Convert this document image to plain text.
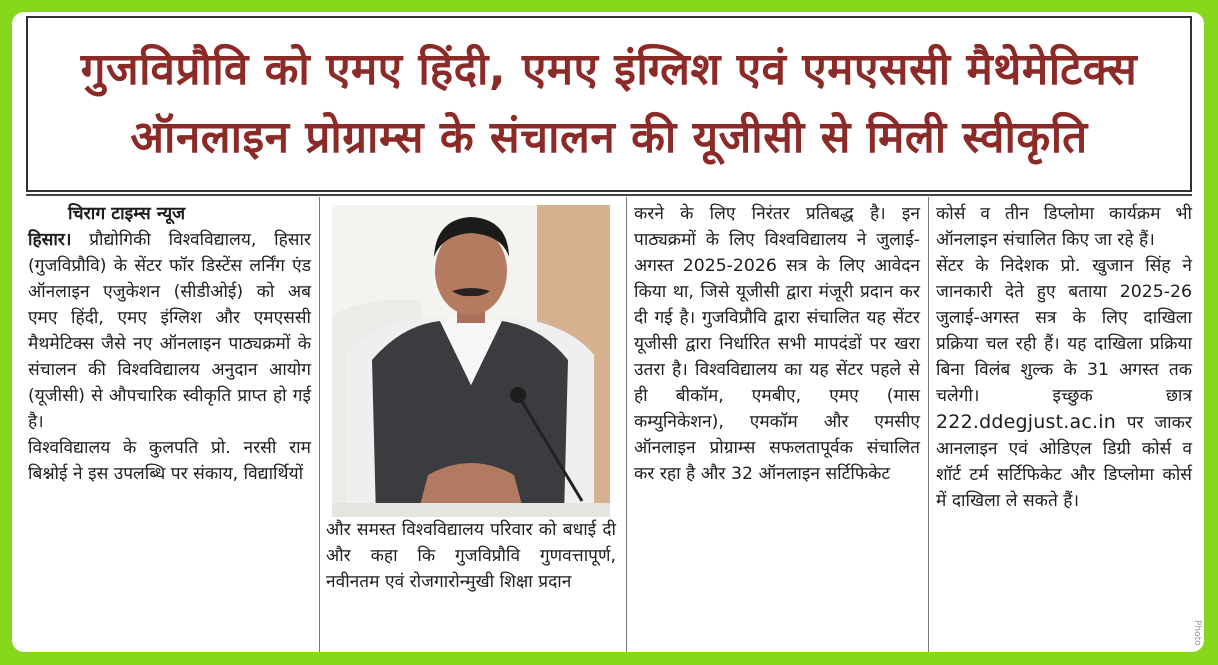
गुजविप्रौवि को एमए हिंदी, एमए इंग्लिश एवं एमएससी मैथेमेटिक्स
ऑनलाइन प्रोग्राम्स के संचालन की यूजीसी से मिली स्वीकृति
चिराग टाइम्स न्यूज

हिसार। प्रौद्योगिकी विश्वविद्यालय, हिसार (गुजविप्रौवि) के सेंटर फॉर डिस्टेंस लर्निंग एंड ऑनलाइन एजुकेशन (सीडीओई) को अब एमए हिंदी, एमए इंग्लिश और एमएससी मैथमेटिक्स जैसे नए ऑनलाइन पाठ्यक्रमों के संचालन की विश्वविद्यालय अनुदान आयोग (यूजीसी) से औपचारिक स्वीकृति प्राप्त हो गई है।

विश्वविद्यालय के कुलपति प्रो. नरसी राम बिश्नोई ने इस उपलब्धि पर संकाय, विद्यार्थियों

और समस्त विश्वविद्यालय परिवार को बधाई दी और कहा कि गुजविप्रौवि गुणवत्तापूर्ण, नवीनतम एवं रोजगारोन्मुखी शिक्षा प्रदान

करने के लिए निरंतर प्रतिबद्ध है। इन पाठ्यक्रमों के लिए विश्वविद्यालय ने जुलाई-अगस्त 2025-2026 सत्र के लिए आवेदन किया था, जिसे यूजीसी द्वारा मंजूरी प्रदान कर दी गई है। गुजविप्रौवि द्वारा संचालित यह सेंटर यूजीसी द्वारा निर्धारित सभी मापदंडों पर खरा उतरा है। विश्वविद्यालय का यह सेंटर पहले से ही बीकॉम, एमबीए, एमए (मास कम्युनिकेशन), एमकॉम और एमसीए ऑनलाइन प्रोग्राम्स सफलतापूर्वक संचालित कर रहा है और 32 ऑनलाइन सर्टिफिकेट

कोर्स व तीन डिप्लोमा कार्यक्रम भी ऑनलाइन संचालित किए जा रहे हैं।

सेंटर के निदेशक प्रो. खुजान सिंह ने जानकारी देते हुए बताया 2025-26 जुलाई-अगस्त सत्र के लिए दाखिला प्रक्रिया चल रही हैं। यह दाखिला प्रक्रिया बिना विलंब शुल्क के 31 अगस्त तक चलेगी। इच्छुक छात्र 222.ddegjust.ac.in पर जाकर आनलाइन एवं ओडिएल डिग्री कोर्स व शॉर्ट टर्म सर्टिफिकेट और डिप्लोमा कोर्स में दाखिला ले सकते हैं।

Photo
